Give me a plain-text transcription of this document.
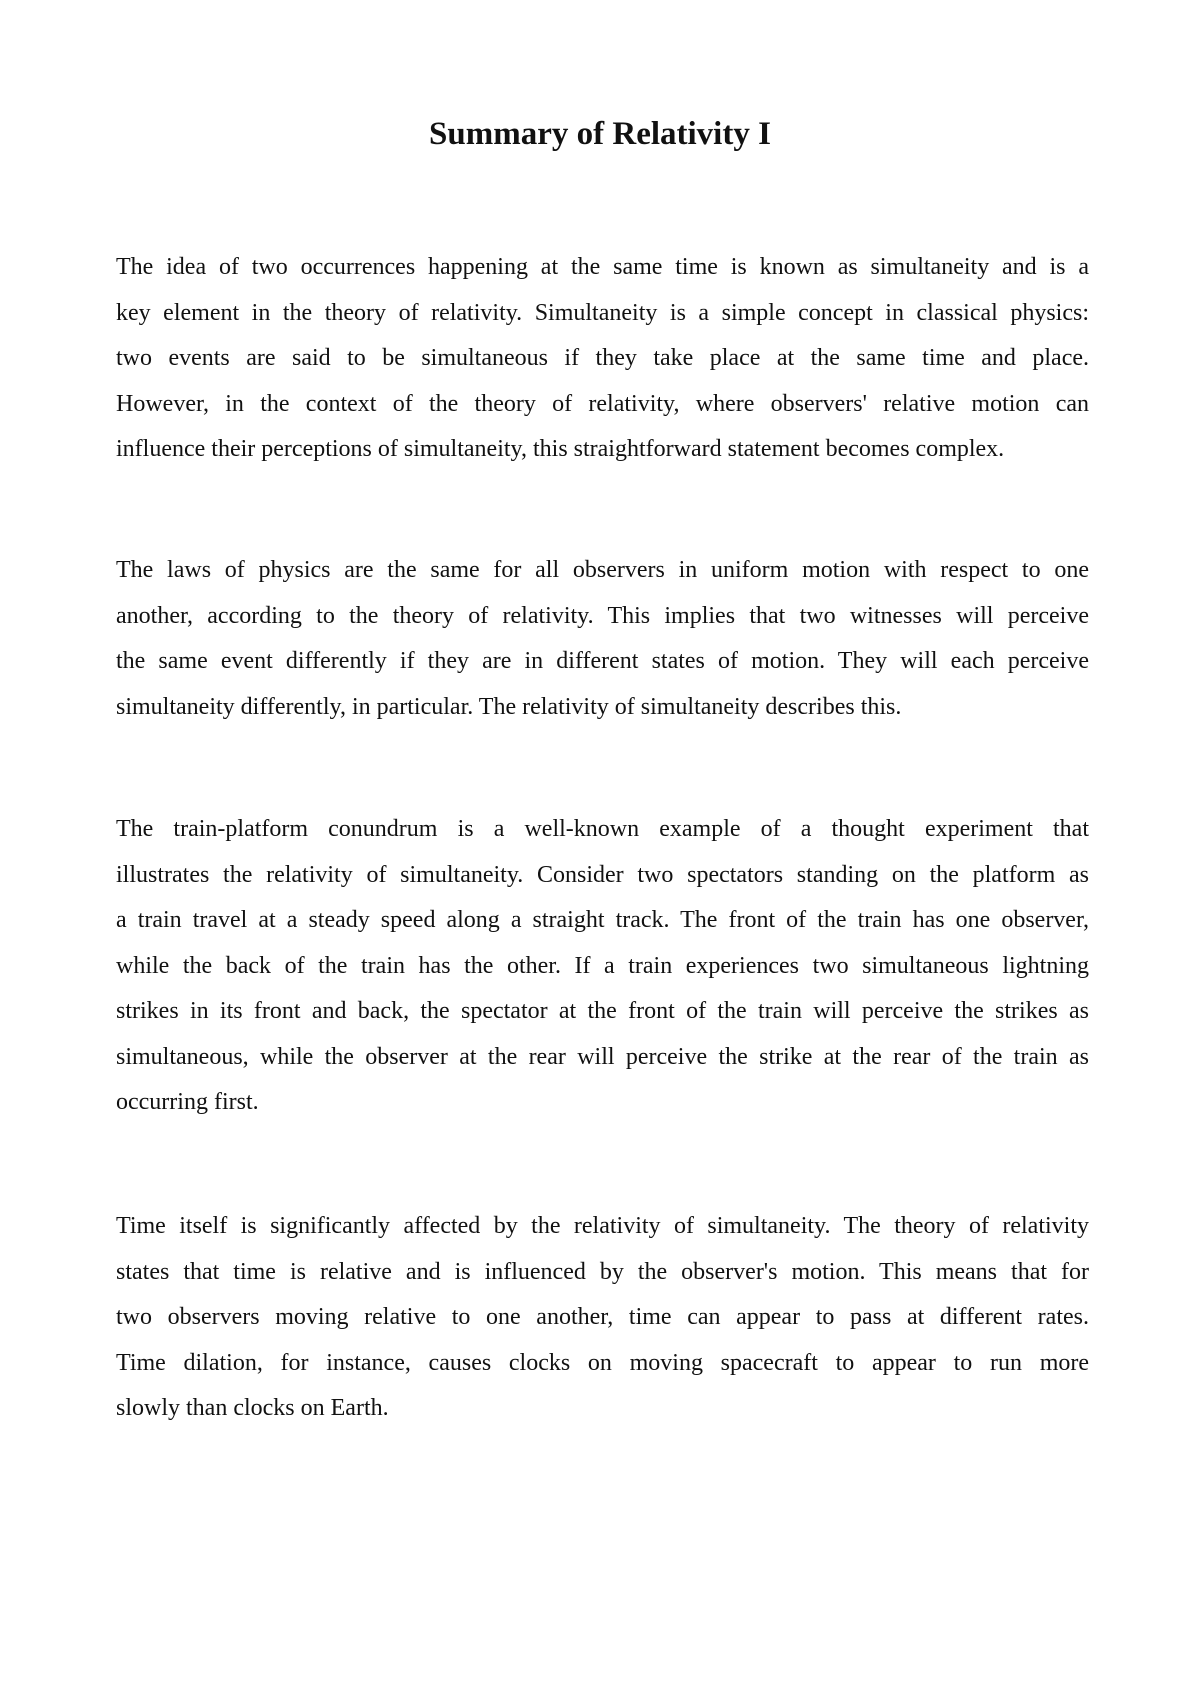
Summary of Relativity I

The idea of two occurrences happening at the same time is known as simultaneity and is a
key element in the theory of relativity. Simultaneity is a simple concept in classical physics:
two events are said to be simultaneous if they take place at the same time and place.
However, in the context of the theory of relativity, where observers' relative motion can
influence their perceptions of simultaneity, this straightforward statement becomes complex.

The laws of physics are the same for all observers in uniform motion with respect to one
another, according to the theory of relativity. This implies that two witnesses will perceive
the same event differently if they are in different states of motion. They will each perceive
simultaneity differently, in particular. The relativity of simultaneity describes this.

The train-platform conundrum is a well-known example of a thought experiment that
illustrates the relativity of simultaneity. Consider two spectators standing on the platform as
a train travel at a steady speed along a straight track. The front of the train has one observer,
while the back of the train has the other. If a train experiences two simultaneous lightning
strikes in its front and back, the spectator at the front of the train will perceive the strikes as
simultaneous, while the observer at the rear will perceive the strike at the rear of the train as
occurring first.

Time itself is significantly affected by the relativity of simultaneity. The theory of relativity
states that time is relative and is influenced by the observer's motion. This means that for
two observers moving relative to one another, time can appear to pass at different rates.
Time dilation, for instance, causes clocks on moving spacecraft to appear to run more
slowly than clocks on Earth.
